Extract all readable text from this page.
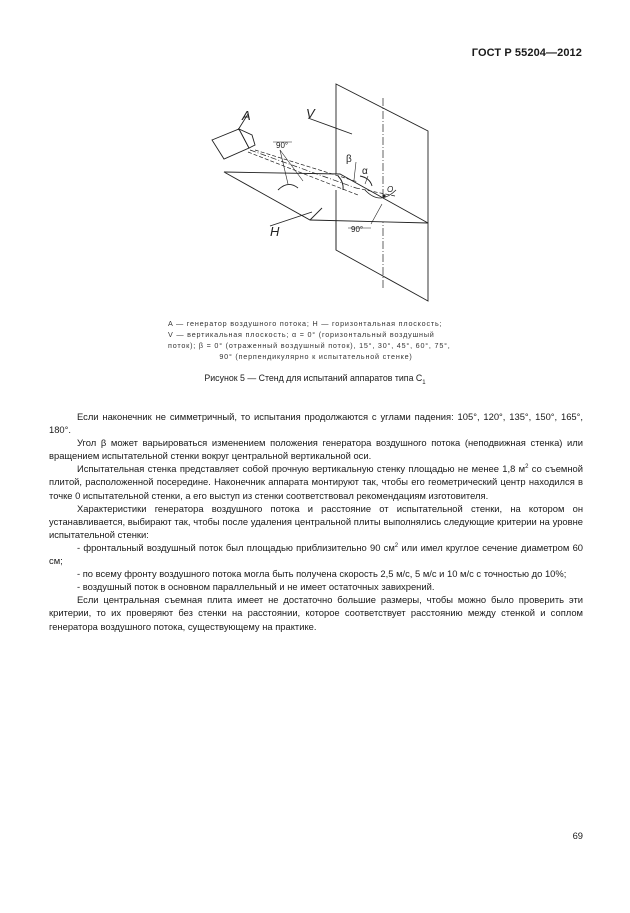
ГОСТ Р 55204—2012
A	V
H
O
90°
90°
β
α
A — генератор воздушного потока; H — горизонтальная плоскость;
V — вертикальная плоскость; α = 0° (горизонтальный воздушный
поток); β = 0° (отраженный воздушный поток), 15°, 30°, 45°, 60°, 75°,
90° (перпендикулярно к испытательной стенке)
Рисунок 5 — Стенд для испытаний аппаратов типа $С_1$

Если наконечник не симметричный, то испытания продолжаются с углами падения: 105°, 120°, 135°, 150°, 165°, 180°.

Угол β может варьироваться изменением положения генератора воздушного потока (неподвижная стенка) или вращением испытательной стенки вокруг центральной вертикальной оси.

Испытательная стенка представляет собой прочную вертикальную стенку площадью не менее 1,8 $м^2$ со съемной плитой, расположенной посередине. Наконечник аппарата монтируют так, чтобы его геометрический центр находился в точке 0 испытательной стенки, а его выступ из стенки соответствовал рекомендациям изготовителя.

Характеристики генератора воздушного потока и расстояние от испытательной стенки, на котором он устанавливается, выбирают так, чтобы после удаления центральной плиты выполнялись следующие критерии на уровне испытательной стенки:

- фронтальный воздушный поток был площадью приблизительно 90 $см^2$ или имел круглое сечение диаметром 60 см;

- по всему фронту воздушного потока могла быть получена скорость 2,5 м/с, 5 м/с и 10 м/с с точностью до 10%;

- воздушный поток в основном параллельный и не имеет остаточных завихрений.

Если центральная съемная плита имеет не достаточно большие размеры, чтобы можно было проверить эти критерии, то их проверяют без стенки на расстоянии, которое соответствует расстоянию между стенкой и соплом генератора воздушного потока, существующему на практике.

69
